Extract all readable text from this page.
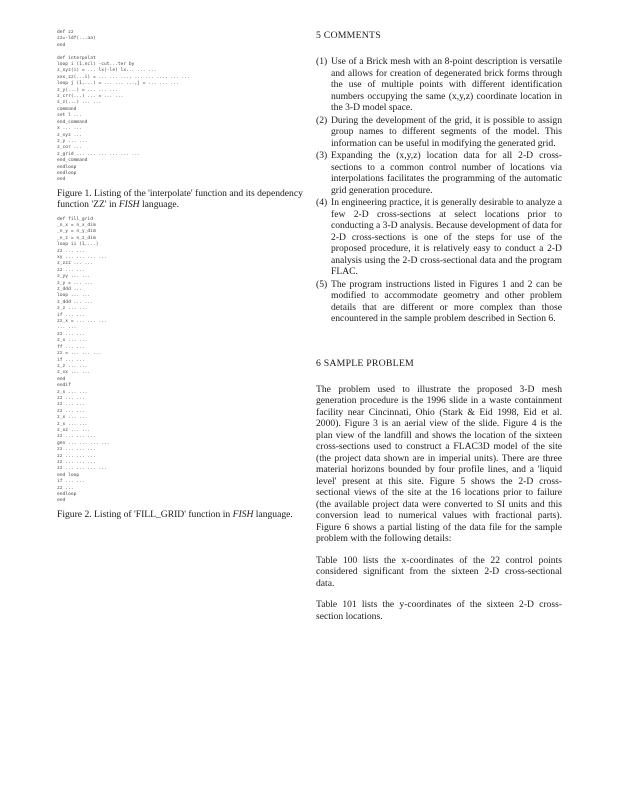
def zz
zz=-ldf(...aa)
end

def interpolat
loop i (1,ncl) -cut...ter by
z_xyz(i) = ... lx(-le) lx... ... ...
xxx_zz(...i) = ... ... ..., ... ... ..., ... ...
loop j (1,...) = ... ... ...,j = ... ... ...
z_y(...) = ... ... ...
z_crr(...) ... = ... ...
z_z(...) ... ...
command
set l ...
end_command
x ... ...
z_xyz ...
z_y ... ...
z_cor ...
z_grid ... ... ... ... ... ...
end_command
endloop
endloop
end
Figure 1. Listing of the 'interpolate' function and its dependency function 'ZZ' in FISH language.
def fill_grid
_n_x = n_x_dim
_n_y = n_y_dim
_n_z = n_z_dim
loop ii (1,...)
zz ... ...
xy ... ... ... ...
z_zzz ... ...
zz ... ...
z_yy ... ...
z_y = ... ...
z_ddd ...
loop ... ...
z_ddd ... ...
z_z ... ...
if ... ...
zz_x = ... ... ...
... ...
zz ... ...
z_x ... ...
ff ... ...
zz = ... ... ...
if ... ...
z_z ... ...
z_xx ... ...
end
endif
z_x ... ...
zz ... ...
zz ... ...
zz ... ...
z_x ... ...
z_x ... ...
z_xz ... ...
zz ... ... ...
gen ... ... ... ...
zz ... ... ...
zz ... ... ...
zz ... ... ...
zz ... ... ... ...
end loop
if ... ...
zz ...
endloop
end
Figure 2. Listing of 'FILL_GRID' function in FISH language.
5 COMMENTS
(1) Use of a Brick mesh with an 8-point description is versatile and allows for creation of degenerated brick forms through the use of multiple points with different identification numbers occupying the same (x,y,z) coordinate location in the 3-D model space.
(2) During the development of the grid, it is possible to assign group names to different segments of the model. This information can be useful in modifying the generated grid.
(3) Expanding the (x,y,z) location data for all 2-D cross-sections to a common control number of locations via interpolations facilitates the programming of the automatic grid generation procedure.
(4) In engineering practice, it is generally desirable to analyze a few 2-D cross-sections at select locations prior to conducting a 3-D analysis. Because development of data for 2-D cross-sections is one of the steps for use of the proposed procedure, it is relatively easy to conduct a 2-D analysis using the 2-D cross-sectional data and the program FLAC.
(5) The program instructions listed in Figures 1 and 2 can be modified to accommodate geometry and other problem details that are different or more complex than those encountered in the sample problem described in Section 6.
6 SAMPLE PROBLEM

The problem used to illustrate the proposed 3-D mesh generation procedure is the 1996 slide in a waste containment facility near Cincinnati, Ohio (Stark & Eid 1998, Eid et al. 2000). Figure 3 is an aerial view of the slide. Figure 4 is the plan view of the landfill and shows the location of the sixteen cross-sections used to construct a FLAC3D model of the site (the project data shown are in imperial units). There are three material horizons bounded by four profile lines, and a 'liquid level' present at this site. Figure 5 shows the 2-D cross-sectional views of the site at the 16 locations prior to failure (the available project data were converted to SI units and this conversion lead to numerical values with fractional parts). Figure 6 shows a partial listing of the data file for the sample problem with the following details:

Table 100 lists the x-coordinates of the 22 control points considered significant from the sixteen 2-D cross-sectional data.

Table 101 lists the y-coordinates of the sixteen 2-D cross-section locations.
